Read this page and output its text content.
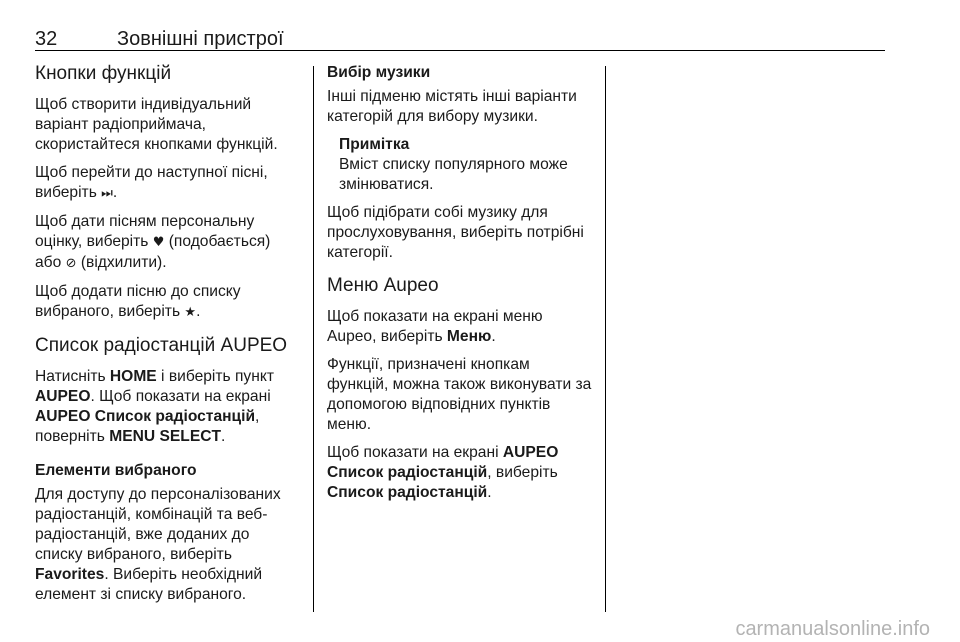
32	Зовнішні пристрої
Кнопки функцій

Щоб створити індивідуальний варіант радіоприймача, скористайтеся кнопками функцій.

Щоб перейти до наступної пісні, виберіть ⏭.

Щоб дати пісням персональну оцінку, виберіть ♥ (подобається) або ⊘ (відхилити).

Щоб додати пісню до списку вибраного, виберіть ★.

Список радіостанцій AUPEO

Натисніть HOME і виберіть пункт AUPEO. Щоб показати на екрані AUPEO Список радіостанцій, поверніть MENU SELECT.

Елементи вибраного

Для доступу до персоналізованих радіостанцій, комбінацій та веб-радіостанцій, вже доданих до списку вибраного, виберіть Favorites. Виберіть необхідний елемент зі списку вибраного.

Вибір музики

Інші підменю містять інші варіанти категорій для вибору музики.

Примітка

Вміст списку популярного може змінюватися.

Щоб підібрати собі музику для прослуховування, виберіть потрібні категорії.

Меню Aupeo

Щоб показати на екрані меню Aupeo, виберіть Меню.

Функції, призначені кнопкам функцій, можна також виконувати за допомогою відповідних пунктів меню.

Щоб показати на екрані AUPEO Список радіостанцій, виберіть Список радіостанцій.

carmanualsonline.info
